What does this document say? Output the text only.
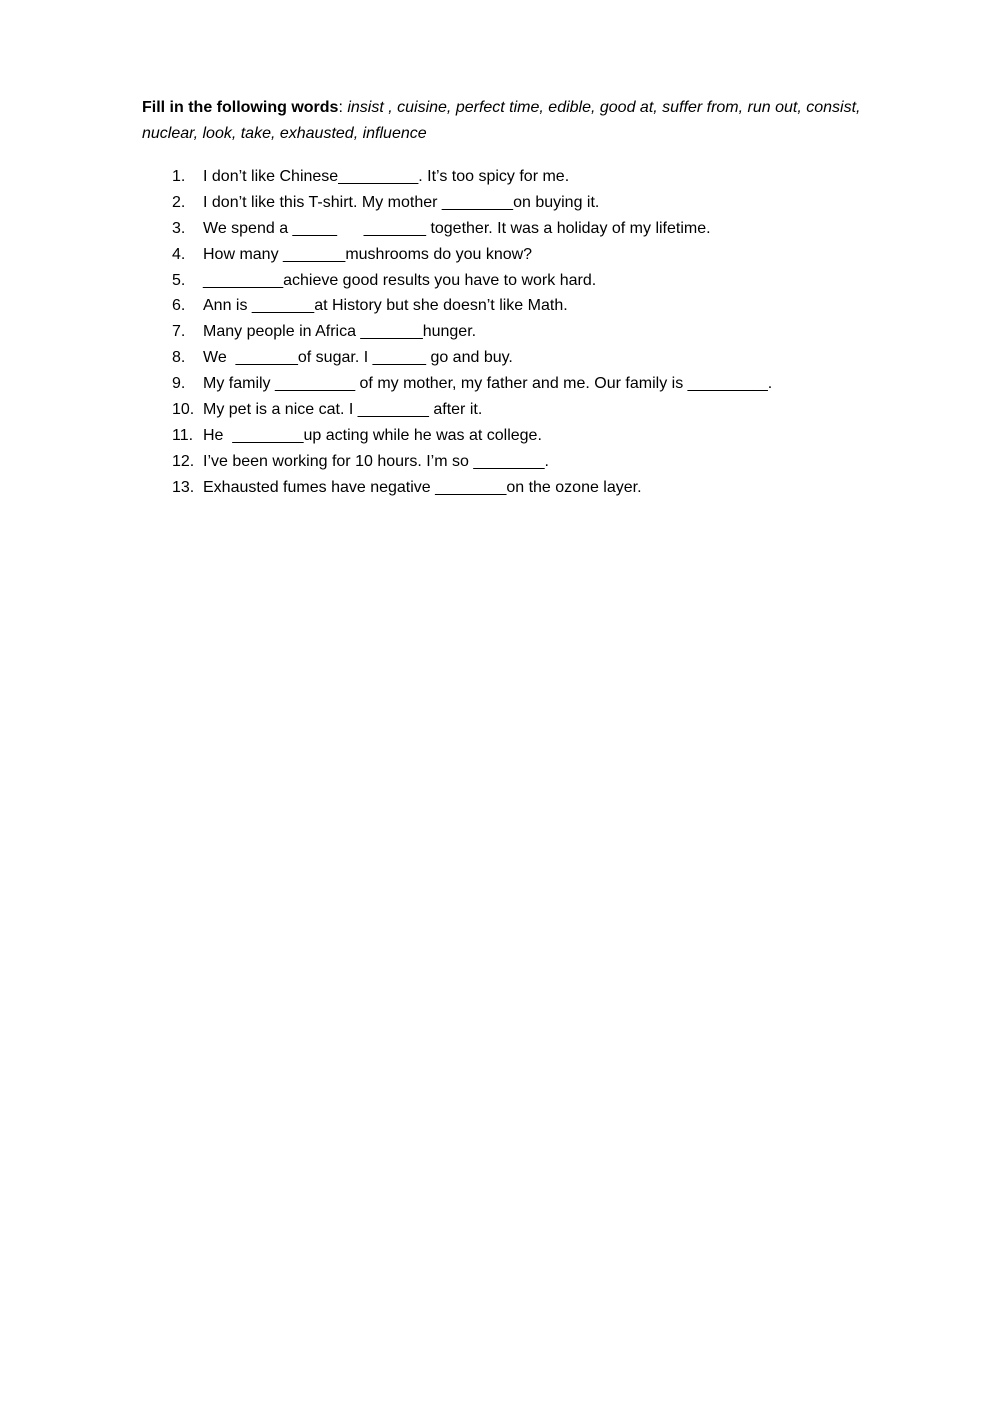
Fill in the following words: insist , cuisine, perfect time, edible, good at, suffer from, run out, consist, nuclear, look, take, exhausted, influence

1. I don’t like Chinese_________. It’s too spicy for me.
2. I don’t like this T-shirt. My mother ________on buying it.
3. We spend a _____      _______ together. It was a holiday of my lifetime.
4. How many _______mushrooms do you know?
5. _________achieve good results you have to work hard.
6. Ann is _______at History but she doesn’t like Math.
7. Many people in Africa _______hunger.
8. We  _______of sugar. I ______ go and buy.
9. My family _________ of my mother, my father and me. Our family is _________.
10. My pet is a nice cat. I ________ after it.
11. He  ________up acting while he was at college.
12. I’ve been working for 10 hours. I’m so ________.
13. Exhausted fumes have negative ________on the ozone layer.
